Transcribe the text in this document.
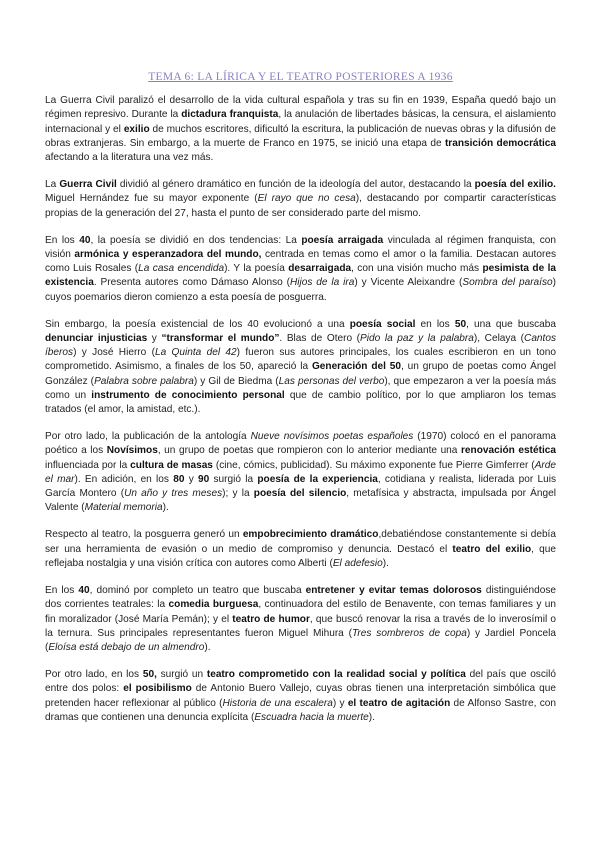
TEMA 6: LA LÍRICA Y EL TEATRO POSTERIORES A 1936

La Guerra Civil paralizó el desarrollo de la vida cultural española y tras su fin en 1939, España quedó bajo un régimen represivo. Durante la dictadura franquista, la anulación de libertades básicas, la censura, el aislamiento internacional y el exilio de muchos escritores, dificultó la escritura, la publicación de nuevas obras y la difusión de obras extranjeras. Sin embargo, a la muerte de Franco en 1975, se inició una etapa de transición democrática afectando a la literatura una vez más.

La Guerra Civil dividió al género dramático en función de la ideología del autor, destacando la poesía del exilio. Miguel Hernández fue su mayor exponente (El rayo que no cesa), destacando por compartir características propias de la generación del 27, hasta el punto de ser considerado parte del mismo.

En los 40, la poesía se dividió en dos tendencias: La poesía arraigada vinculada al régimen franquista, con visión armónica y esperanzadora del mundo, centrada en temas como el amor o la familia. Destacan autores como Luis Rosales (La casa encendida). Y la poesía desarraigada, con una visión mucho más pesimista de la existencia. Presenta autores como Dámaso Alonso (Hijos de la ira) y Vicente Aleixandre (Sombra del paraíso) cuyos poemarios dieron comienzo a esta poesía de posguerra.

Sin embargo, la poesía existencial de los 40 evolucionó a una poesía social en los 50, una que buscaba denunciar injusticias y “transformar el mundo”. Blas de Otero (Pido la paz y la palabra), Celaya (Cantos íberos) y José Hierro (La Quinta del 42) fueron sus autores principales, los cuales escribieron en un tono comprometido. Asimismo, a finales de los 50, apareció la Generación del 50, un grupo de poetas como Ángel González (Palabra sobre palabra) y Gil de Biedma (Las personas del verbo), que empezaron a ver la poesía más como un instrumento de conocimiento personal que de cambio político, por lo que ampliaron los temas tratados (el amor, la amistad, etc.).

Por otro lado, la publicación de la antología Nueve novísimos poetas españoles (1970) colocó en el panorama poético a los Novísimos, un grupo de poetas que rompieron con lo anterior mediante una renovación estética influenciada por la cultura de masas (cine, cómics, publicidad). Su máximo exponente fue Pierre Gimferrer (Arde el mar). En adición, en los 80 y 90 surgió la poesía de la experiencia, cotidiana y realista, liderada por Luis García Montero (Un año y tres meses); y la poesía del silencio, metafísica y abstracta, impulsada por Ángel Valente (Material memoria).

Respecto al teatro, la posguerra generó un empobrecimiento dramático,debatiéndose constantemente si debía ser una herramienta de evasión o un medio de compromiso y denuncia. Destacó el teatro del exilio, que reflejaba nostalgia y una visión crítica con autores como Alberti (El adefesio).

En los 40, dominó por completo un teatro que buscaba entretener y evitar temas dolorosos distinguiéndose dos corrientes teatrales: la comedia burguesa, continuadora del estilo de Benavente, con temas familiares y un fin moralizador (José María Pemán); y el teatro de humor, que buscó renovar la risa a través de lo inverosímil o la ternura. Sus principales representantes fueron Miguel Mihura (Tres sombreros de copa) y Jardiel Poncela (Eloísa está debajo de un almendro).

Por otro lado, en los 50, surgió un teatro comprometido con la realidad social y política del país que osciló entre dos polos: el posibilismo de Antonio Buero Vallejo, cuyas obras tienen una interpretación simbólica que pretenden hacer reflexionar al público (Historia de una escalera) y el teatro de agitación de Alfonso Sastre, con dramas que contienen una denuncia explícita (Escuadra hacia la muerte).
